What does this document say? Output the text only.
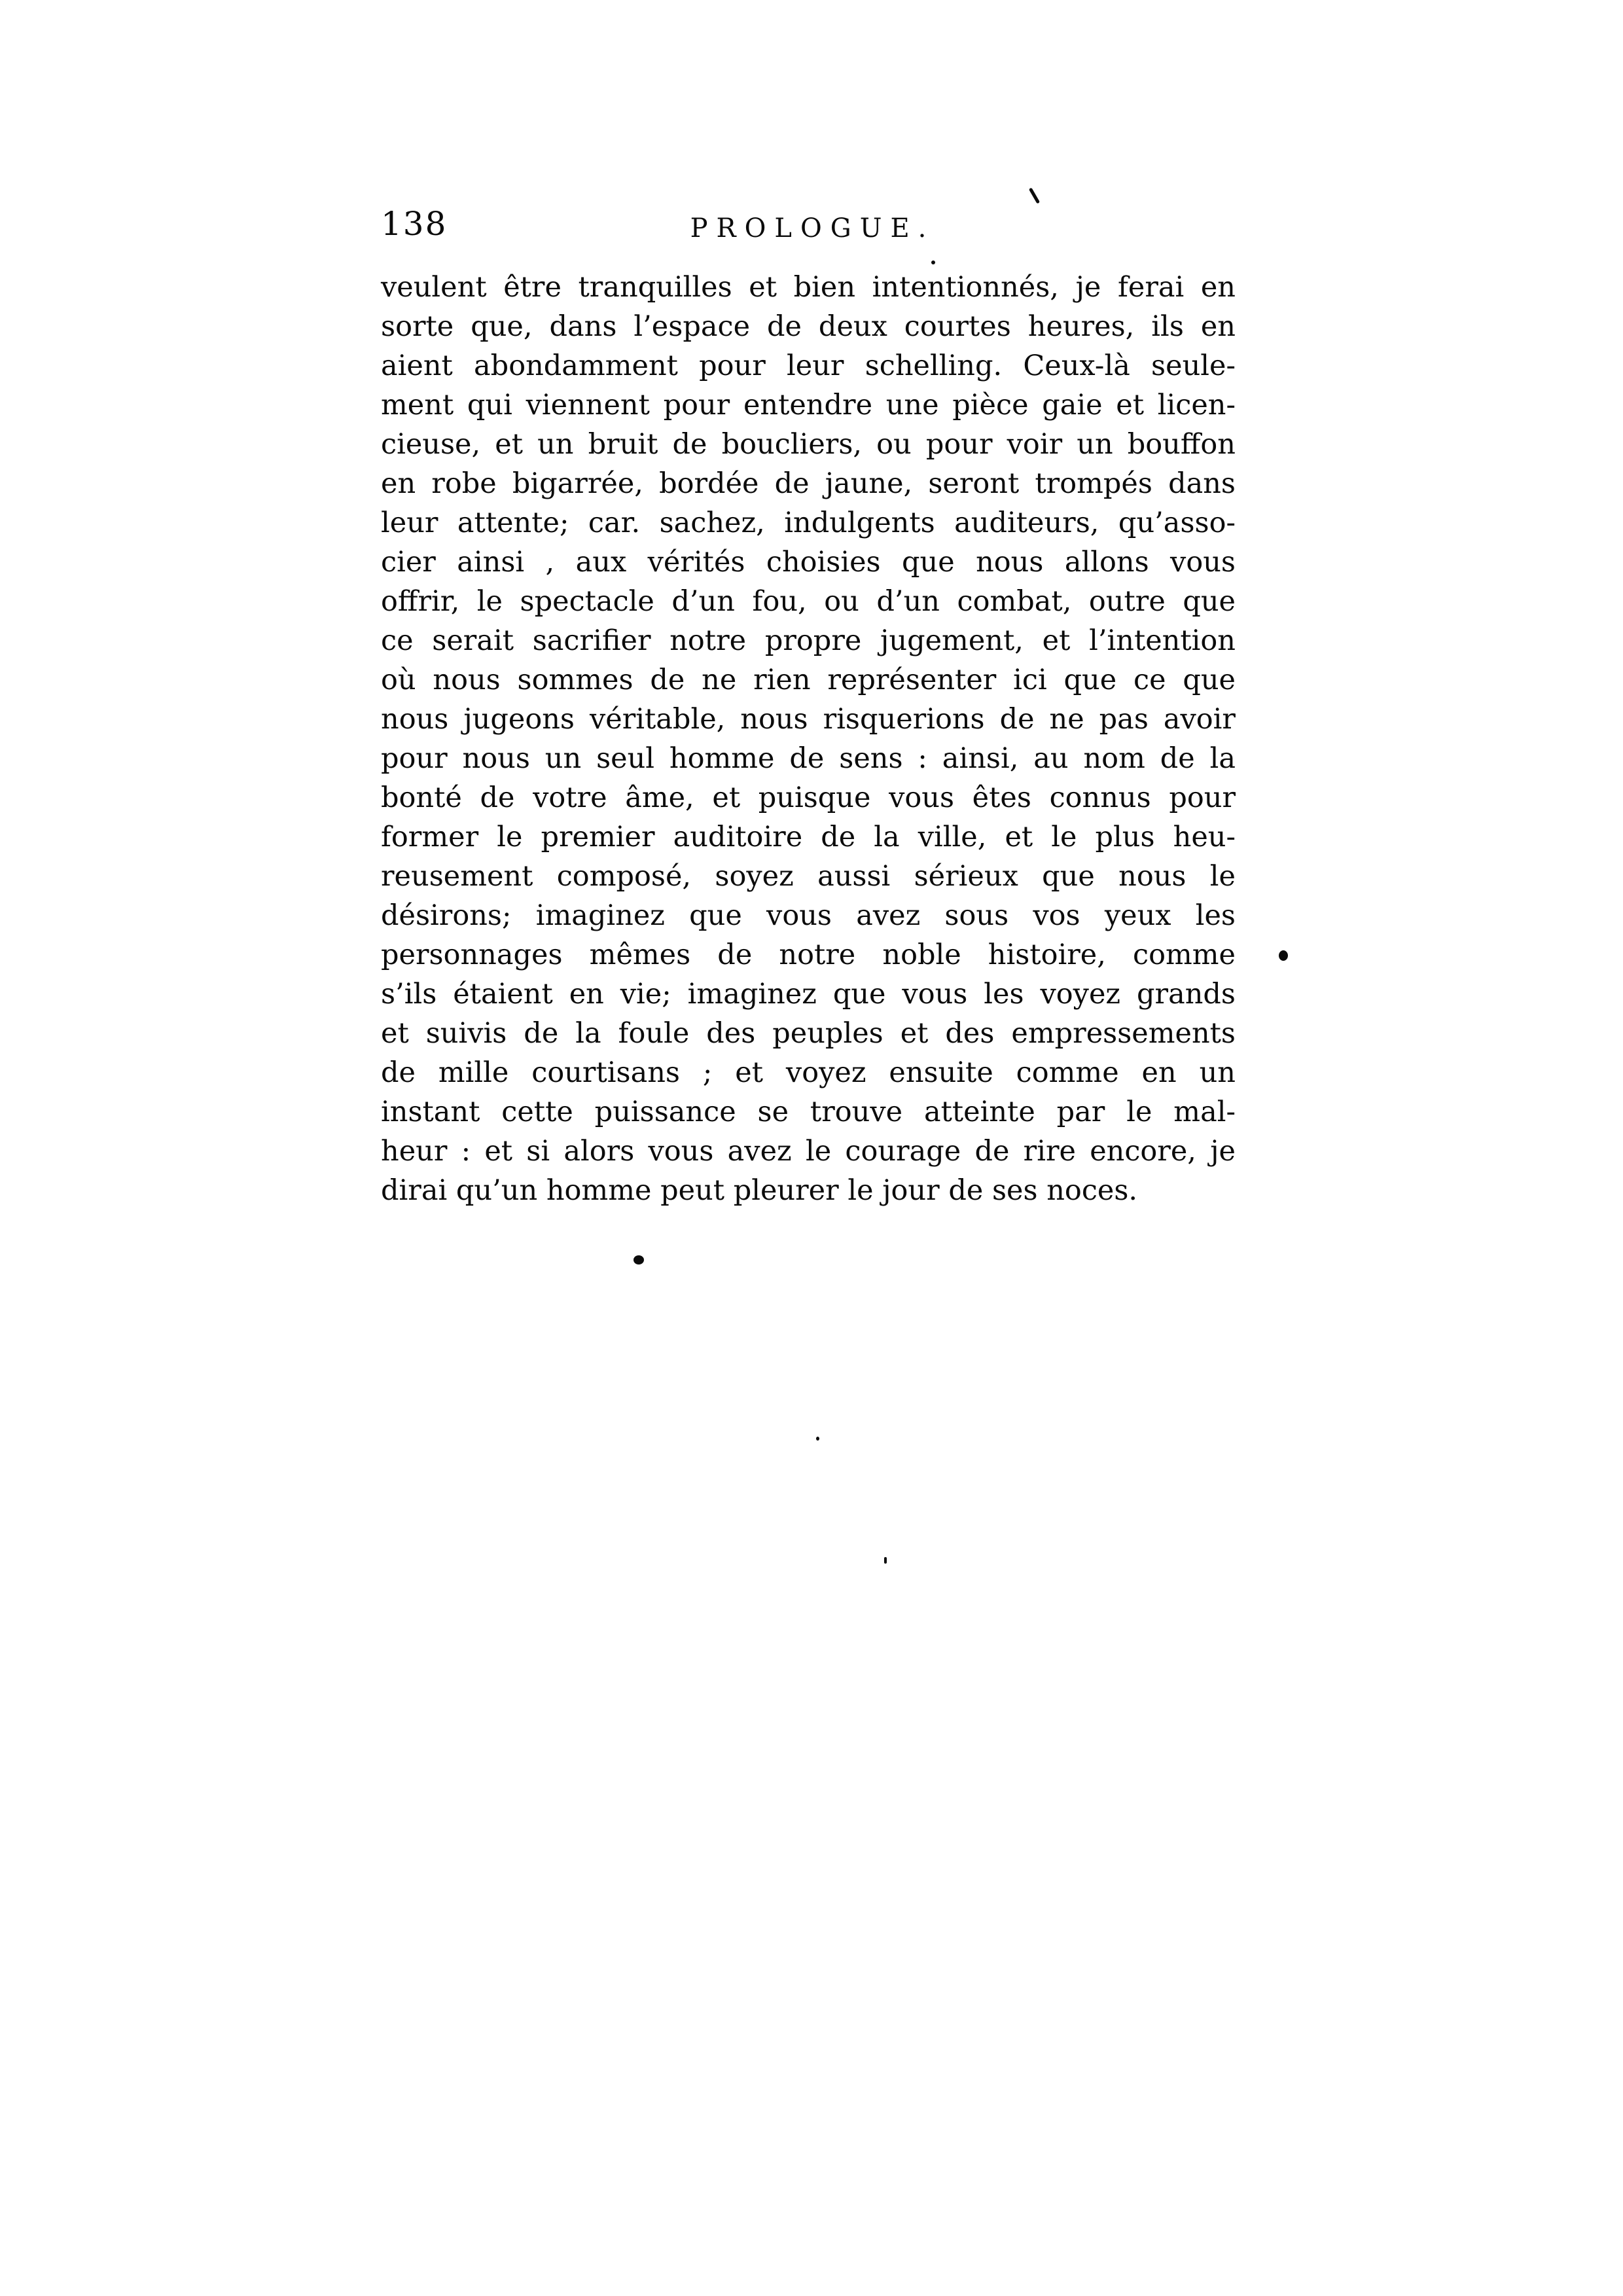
138	PROLOGUE.
veulent être tranquilles et bien intentionnés, je ferai en
sorte que, dans l’espace de deux courtes heures, ils en
aient abondamment pour leur schelling. Ceux-là seule-
ment qui viennent pour entendre une pièce gaie et licen-
cieuse, et un bruit de boucliers, ou pour voir un bouffon
en robe bigarrée, bordée de jaune, seront trompés dans
leur attente; car. sachez, indulgents auditeurs, qu’asso-
cier ainsi , aux vérités choisies que nous allons vous
offrir, le spectacle d’un fou, ou d’un combat, outre que
ce serait sacrifier notre propre jugement, et l’intention
où nous sommes de ne rien représenter ici que ce que
nous jugeons véritable, nous risquerions de ne pas avoir
pour nous un seul homme de sens : ainsi, au nom de la
bonté de votre âme, et puisque vous êtes connus pour
former le premier auditoire de la ville, et le plus heu-
reusement composé, soyez aussi sérieux que nous le
désirons; imaginez que vous avez sous vos yeux les
personnages mêmes de notre noble histoire, comme
s’ils étaient en vie; imaginez que vous les voyez grands
et suivis de la foule des peuples et des empressements
de mille courtisans ; et voyez ensuite comme en un
instant cette puissance se trouve atteinte par le mal-
heur : et si alors vous avez le courage de rire encore, je
dirai qu’un homme peut pleurer le jour de ses noces.
